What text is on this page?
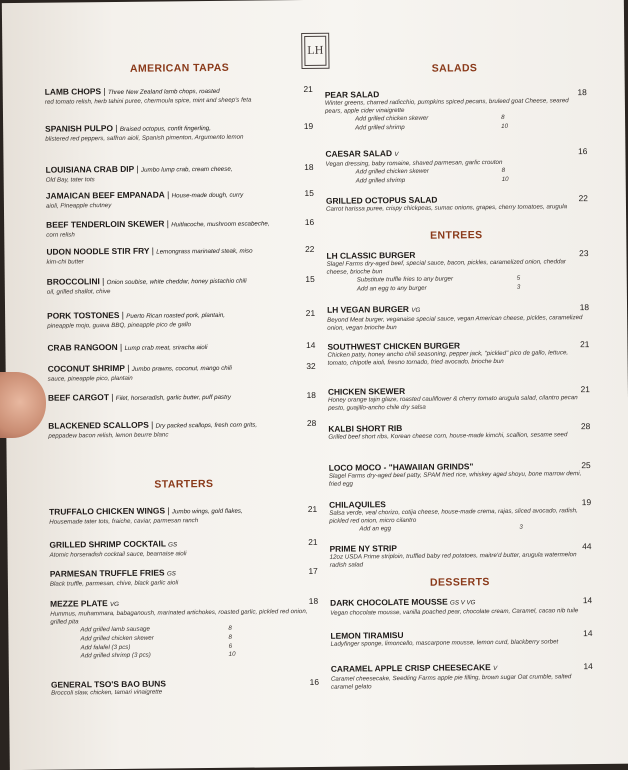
LH
AMERICAN TAPAS
LAMB CHOPS | Three New Zealand lamb chops, roasted	21
red tomato relish, herb tahini puree, chermoula spice, mint and sheep's feta
SPANISH PULPO | Braised octopus, confit fingerling,	19
blistered red peppers, saffron aioli, Spanish pimenton, Argumento lemon
LOUISIANA CRAB DIP | Jumbo lump crab, cream cheese,	18
Old Bay, tater tots
JAMAICAN BEEF EMPANADA | House-made dough, curry	15
aioli, Pineapple chutney
BEEF TENDERLOIN SKEWER | Huitlacoche, mushroom escabeche,	16
corn relish
UDON NOODLE STIR FRY | Lemongrass marinated steak, miso	22
kim-chi butter
BROCCOLINI | Onion soubise, white cheddar, honey pistachio chili	15
oil, grilled shallot, chive
PORK TOSTONES | Puerto Rican roasted pork, plantain,	21
pineapple mojo, guava BBQ, pineapple pico de gallo
CRAB RANGOON | Lump crab meat, sriracha aioli	14
COCONUT SHRIMP | Jumbo prawns, coconut, mango chili	32
sauce, pineapple pico, plantain
BEEF CARGOT | Filet, horseradish, garlic butter, puff pastry	18
BLACKENED SCALLOPS | Dry packed scallops, fresh corn grits,	28
peppadew bacon relish, lemon beurre blanc
STARTERS
TRUFFALO CHICKEN WINGS | Jumbo wings, gold flakes,	21
Housemade tater tots, fraiche, caviar, parmesan ranch
GRILLED SHRIMP COCKTAIL GS	21
Atomic horseradish cocktail sauce, bearnaise aioli
PARMESAN TRUFFLE FRIES GS	17
Black truffle, parmesan, chive, black garlic aioli
MEZZE PLATE VG	18
Hummus, muhammara, babaganoush, marinated artichokes, roasted garlic, pickled red onion, grilled pita
Add grilled lamb sausage	8
Add grilled chicken skewer	8
Add falafel (3 pcs)	6
Add grilled shrimp (3 pcs)	10
GENERAL TSO'S BAO BUNS	16
Broccoli slaw, chicken, tamari vinaigrette
SALADS
PEAR SALAD	18
Winter greens, charred radicchio, pumpkins spiced pecans, bruleed goat Cheese, seared pears, apple cider vinaigrette
Add grilled chicken skewer	8
Add grilled shrimp	10
CAESAR SALAD V	16
Vegan dressing, baby romaine, shaved parmesan, garlic crouton
Add grilled chicken skewer	8
Add grilled shrimp	10
GRILLED OCTOPUS SALAD	22
Carrot harissa puree, crispy chickpeas, sumac onions, grapes, cherry tomatoes, arugula
ENTREES
LH CLASSIC BURGER	23
Slagel Farms dry-aged beef, special sauce, bacon, pickles, caramelized onion, cheddar cheese, brioche bun
Substitute truffle fries to any burger	5
Add an egg to any burger	3
LH VEGAN BURGER VG	18
Beyond Meat burger, veganaise special sauce, vegan American cheese, pickles, caramelized onion, vegan brioche bun
SOUTHWEST CHICKEN BURGER	21
Chicken patty, honey ancho chili seasoning, pepper jack, "pickled" pico de gallo, lettuce, tomato, chipotle aioli, fresno tornado, fried avocado, brioche bun
CHICKEN SKEWER	21
Honey orange tajin glaze, roasted cauliflower & cherry tomato arugula salad, cilantro pecan pesto, guajillo-ancho chile dry salsa
KALBI SHORT RIB	28
Grilled beef short ribs, Korean cheese corn, house-made kimchi, scallion, sesame seed
LOCO MOCO - "HAWAIIAN GRINDS"	25
Slagel Farms dry-aged beef patty, SPAM fried rice, whiskey aged shoyu, bone marrow demi, fried egg
CHILAQUILES	19
Salsa verde, veal chorizo, cotija cheese, house-made crema, rajas, sliced avocado, radish, pickled red onion, micro cilantro
Add an egg	3
PRIME NY STRIP	44
12oz USDA Prime striploin, truffled baby red potatoes, maitre'd butter, arugula watermelon radish salad
DESSERTS
DARK CHOCOLATE MOUSSE GS V VG	14
Vegan chocolate mousse, vanilla poached pear, chocolate cream, Caramel, cacao nib tuile
LEMON TIRAMISU	14
Ladyfinger sponge, limoncello, mascarpone mousse, lemon curd, blackberry sorbet
CARAMEL APPLE CRISP CHEESECAKE V	14
Caramel cheesecake, Seedling Farms apple pie filling, brown sugar Oat crumble, salted caramel gelato
